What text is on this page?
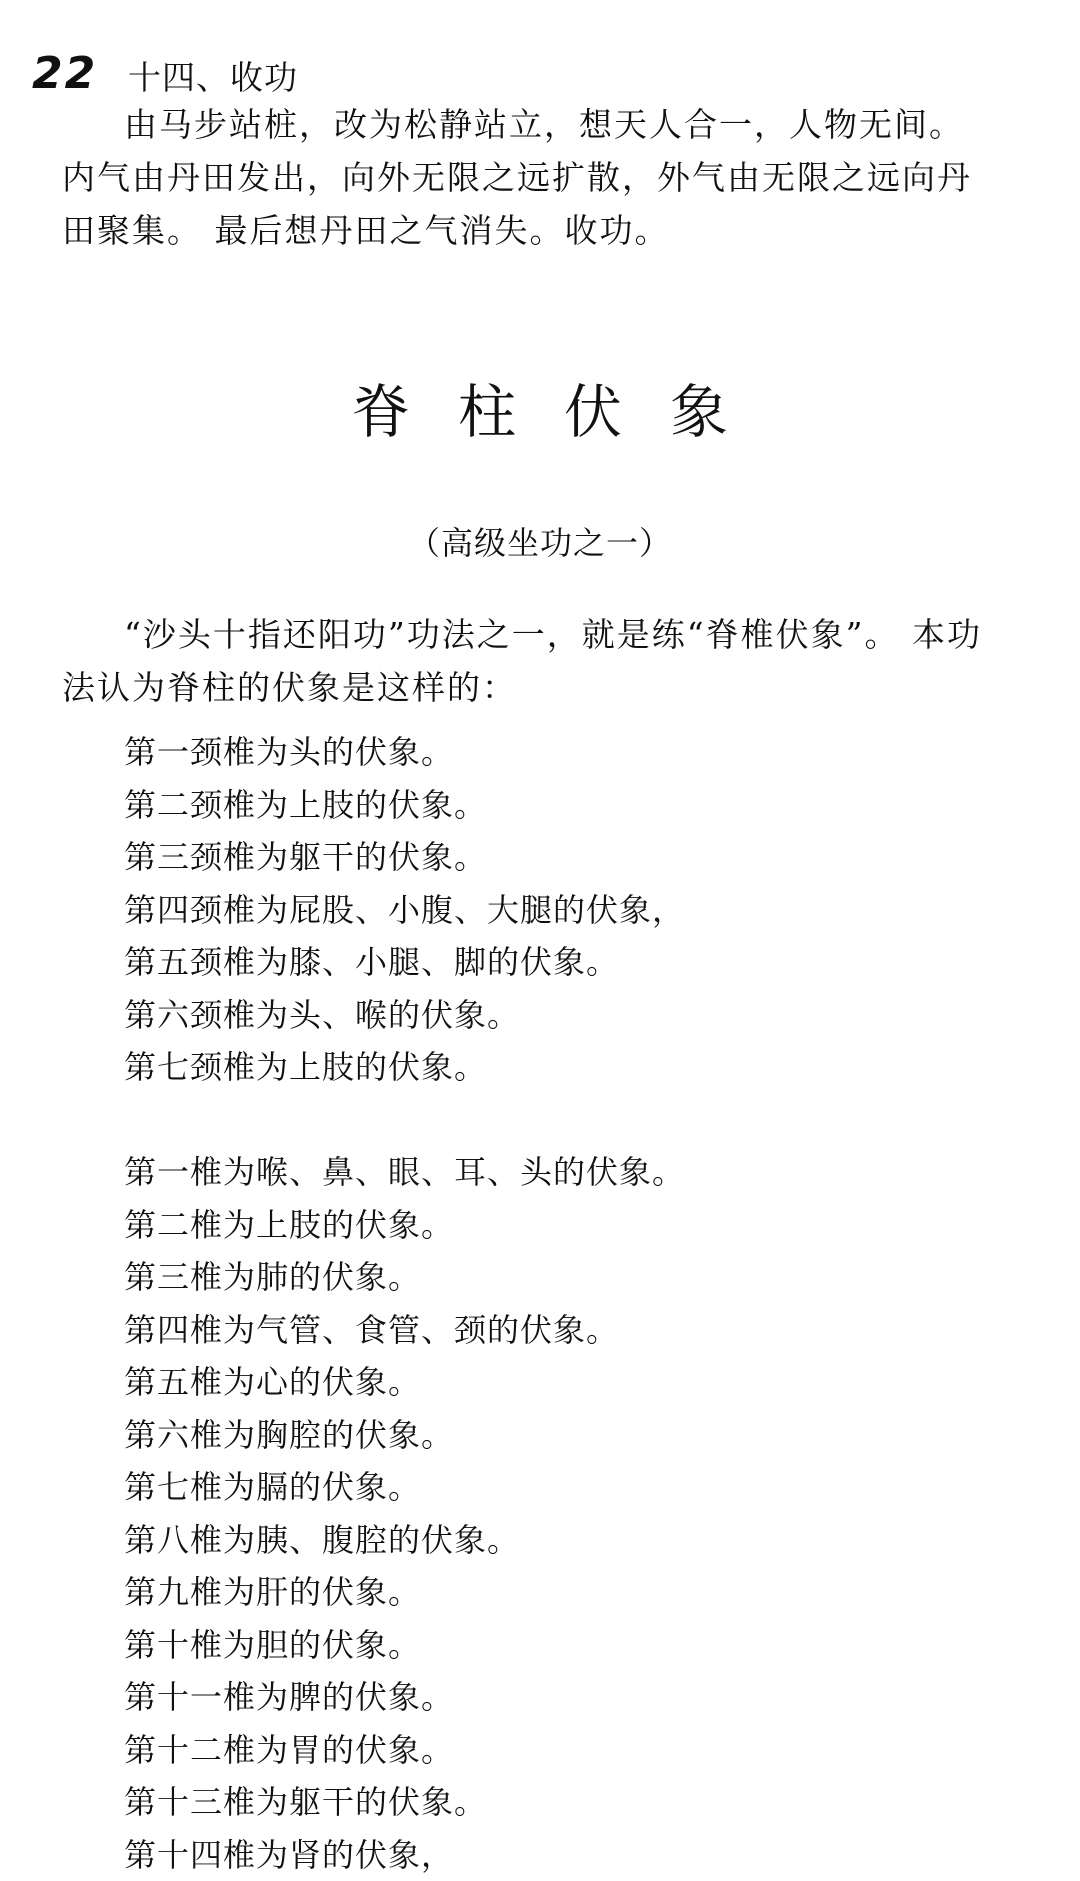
22 十四、收功

由马步站桩，改为松静站立，想天人合一，人物无间。 内气由丹田发出，向外无限之远扩散，外气由无限之远向丹田聚集。 最后想丹田之气消失。收功。

脊柱伏象
（高级坐功之一）

“沙头十指还阳功”功法之一，就是练“脊椎伏象”。 本功法认为脊柱的伏象是这样的：

第一颈椎为头的伏象。
第二颈椎为上肢的伏象。
第三颈椎为躯干的伏象。
第四颈椎为屁股、小腹、大腿的伏象，
第五颈椎为膝、小腿、脚的伏象。
第六颈椎为头、喉的伏象。
第七颈椎为上肢的伏象。
第一椎为喉、鼻、眼、耳、头的伏象。
第二椎为上肢的伏象。
第三椎为肺的伏象。
第四椎为气管、食管、颈的伏象。
第五椎为心的伏象。
第六椎为胸腔的伏象。
第七椎为膈的伏象。
第八椎为胰、腹腔的伏象。
第九椎为肝的伏象。
第十椎为胆的伏象。
第十一椎为脾的伏象。
第十二椎为胃的伏象。
第十三椎为躯干的伏象。
第十四椎为肾的伏象，
